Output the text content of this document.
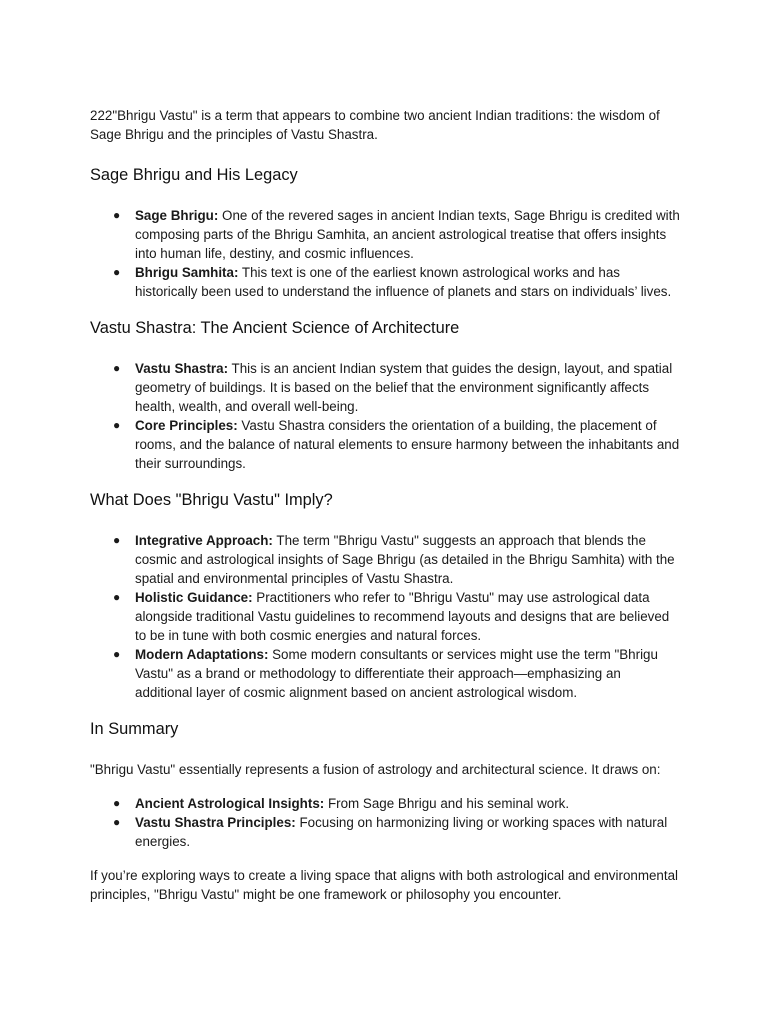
222"Bhrigu Vastu" is a term that appears to combine two ancient Indian traditions: the wisdom of Sage Bhrigu and the principles of Vastu Shastra.

Sage Bhrigu and His Legacy
● Sage Bhrigu: One of the revered sages in ancient Indian texts, Sage Bhrigu is credited with composing parts of the Bhrigu Samhita, an ancient astrological treatise that offers insights into human life, destiny, and cosmic influences.
● Bhrigu Samhita: This text is one of the earliest known astrological works and has historically been used to understand the influence of planets and stars on individuals’ lives.
Vastu Shastra: The Ancient Science of Architecture
● Vastu Shastra: This is an ancient Indian system that guides the design, layout, and spatial geometry of buildings. It is based on the belief that the environment significantly affects health, wealth, and overall well-being.
● Core Principles: Vastu Shastra considers the orientation of a building, the placement of rooms, and the balance of natural elements to ensure harmony between the inhabitants and their surroundings.
What Does "Bhrigu Vastu" Imply?
● Integrative Approach: The term "Bhrigu Vastu" suggests an approach that blends the cosmic and astrological insights of Sage Bhrigu (as detailed in the Bhrigu Samhita) with the spatial and environmental principles of Vastu Shastra.
● Holistic Guidance: Practitioners who refer to "Bhrigu Vastu" may use astrological data alongside traditional Vastu guidelines to recommend layouts and designs that are believed to be in tune with both cosmic energies and natural forces.
● Modern Adaptations: Some modern consultants or services might use the term "Bhrigu Vastu" as a brand or methodology to differentiate their approach—emphasizing an additional layer of cosmic alignment based on ancient astrological wisdom.
In Summary

"Bhrigu Vastu" essentially represents a fusion of astrology and architectural science. It draws on:

● Ancient Astrological Insights: From Sage Bhrigu and his seminal work.
● Vastu Shastra Principles: Focusing on harmonizing living or working spaces with natural energies.

If you’re exploring ways to create a living space that aligns with both astrological and environmental principles, "Bhrigu Vastu" might be one framework or philosophy you encounter.
